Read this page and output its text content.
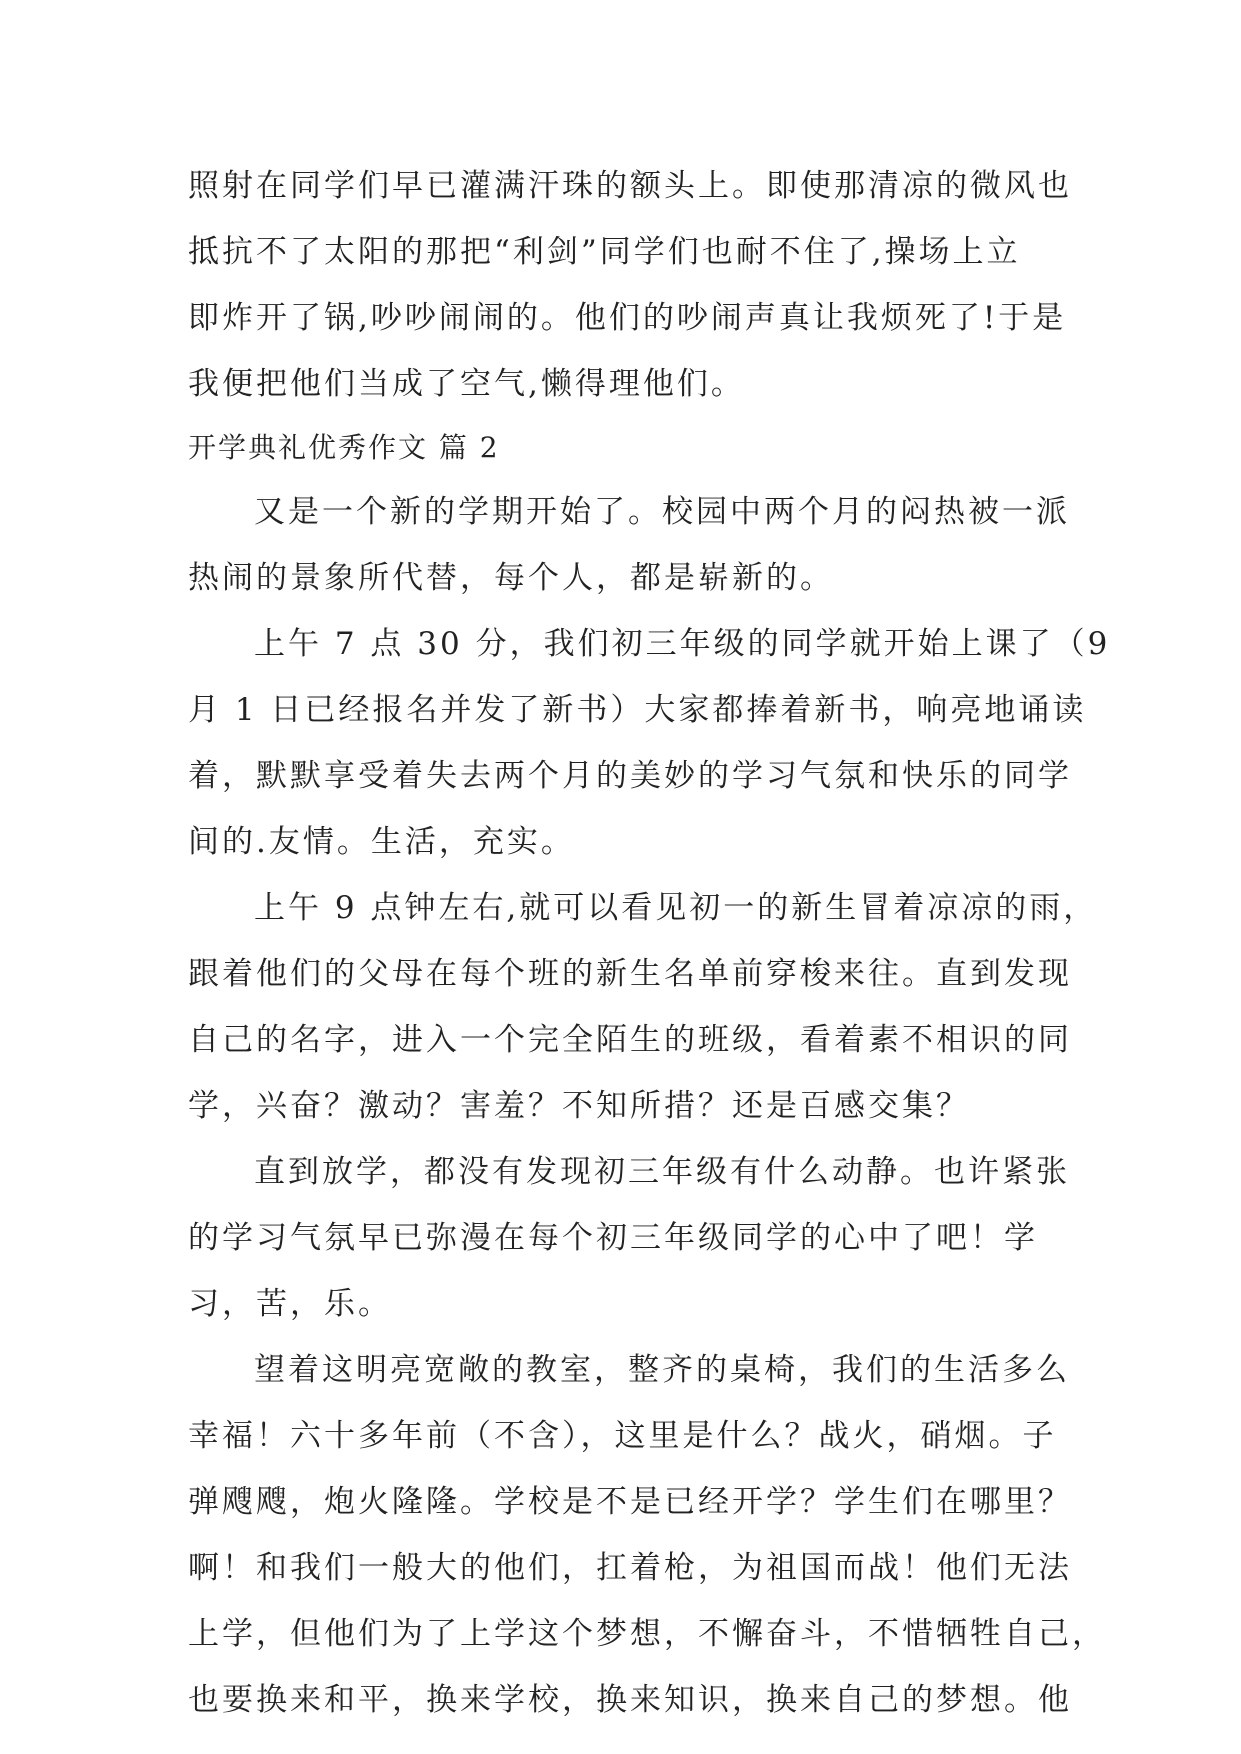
照射在同学们早已灌满汗珠的额头上。即使那清凉的微风也
抵抗不了太阳的那把“利剑”同学们也耐不住了,操场上立
即炸开了锅,吵吵闹闹的。他们的吵闹声真让我烦死了!于是
我便把他们当成了空气,懒得理他们。
开学典礼优秀作文 篇 2
又是一个新的学期开始了。校园中两个月的闷热被一派
热闹的景象所代替，每个人，都是崭新的。
上午 7 点 30 分，我们初三年级的同学就开始上课了（9
月 1 日已经报名并发了新书）大家都捧着新书，响亮地诵读
着，默默享受着失去两个月的美妙的学习气氛和快乐的同学
间的.友情。生活，充实。
上午 9 点钟左右,就可以看见初一的新生冒着凉凉的雨，
跟着他们的父母在每个班的新生名单前穿梭来往。直到发现
自己的名字，进入一个完全陌生的班级，看着素不相识的同
学，兴奋？激动？害羞？不知所措？还是百感交集？
直到放学，都没有发现初三年级有什么动静。也许紧张
的学习气氛早已弥漫在每个初三年级同学的心中了吧！学
习，苦，乐。
望着这明亮宽敞的教室，整齐的桌椅，我们的生活多么
幸福！六十多年前（不含），这里是什么？战火，硝烟。子
弹飕飕，炮火隆隆。学校是不是已经开学？学生们在哪里？
啊！和我们一般大的他们，扛着枪，为祖国而战！他们无法
上学，但他们为了上学这个梦想，不懈奋斗，不惜牺牲自己，
也要换来和平，换来学校，换来知识，换来自己的梦想。他
